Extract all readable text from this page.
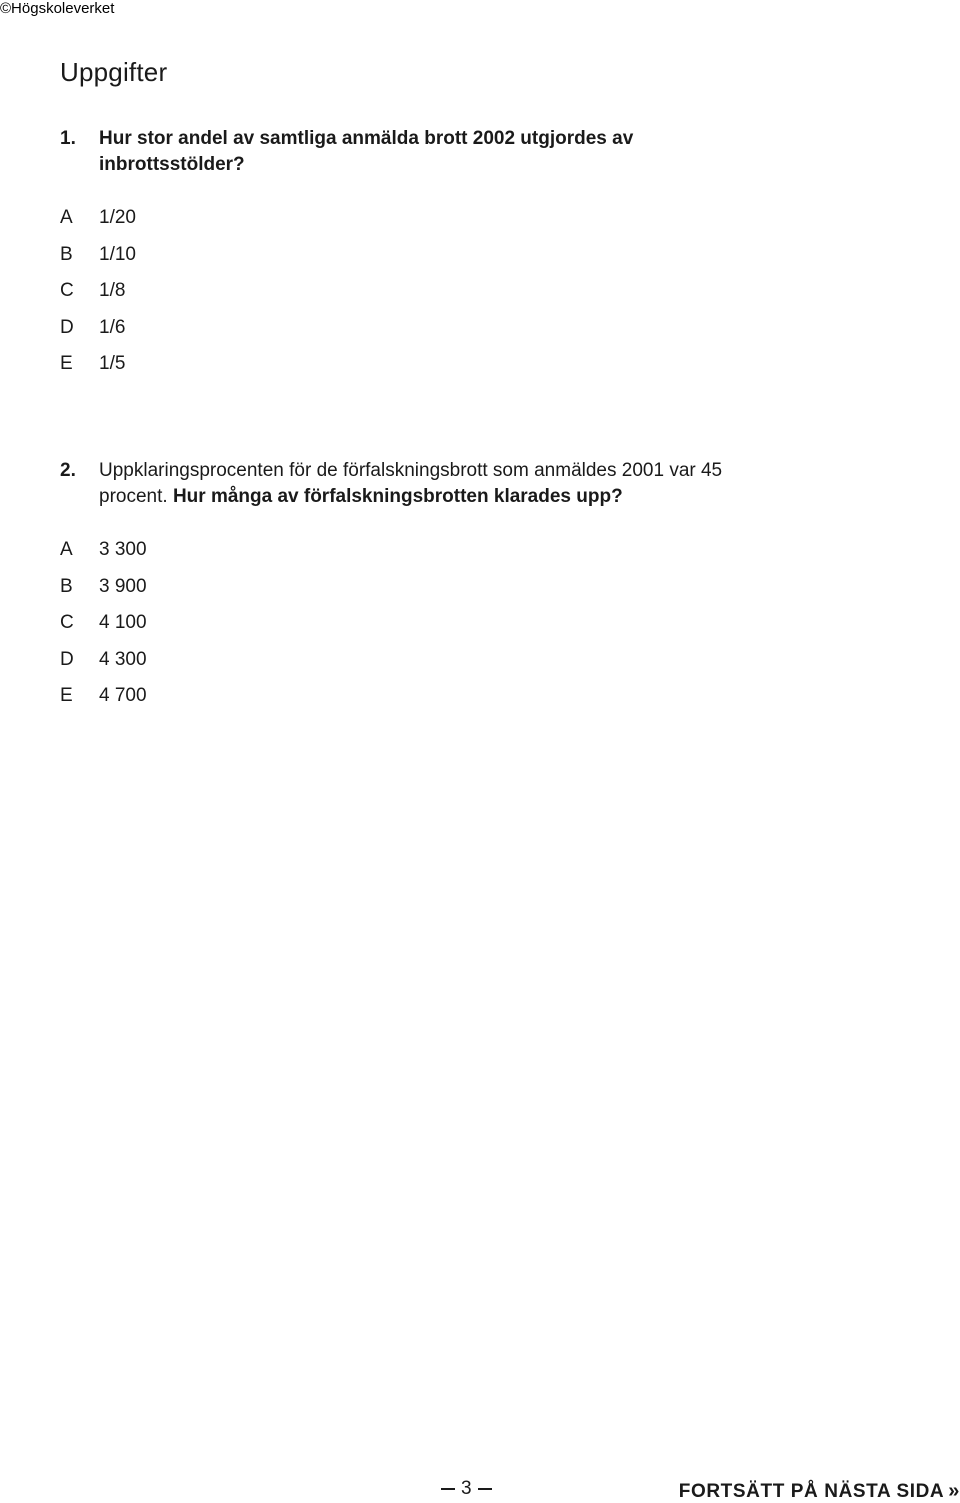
©Högskoleverket
Uppgifter
1. Hur stor andel av samtliga anmälda brott 2002 utgjordes av inbrottsstölder?
A 1/20
B 1/10
C 1/8
D 1/6
E 1/5
2. Uppklaringsprocenten för de förfalskningsbrott som anmäldes 2001 var 45 procent. Hur många av förfalskningsbrotten klarades upp?
A 3 300
B 3 900
C 4 100
D 4 300
E 4 700
3	FORTSÄTT PÅ NÄSTA SIDA »
